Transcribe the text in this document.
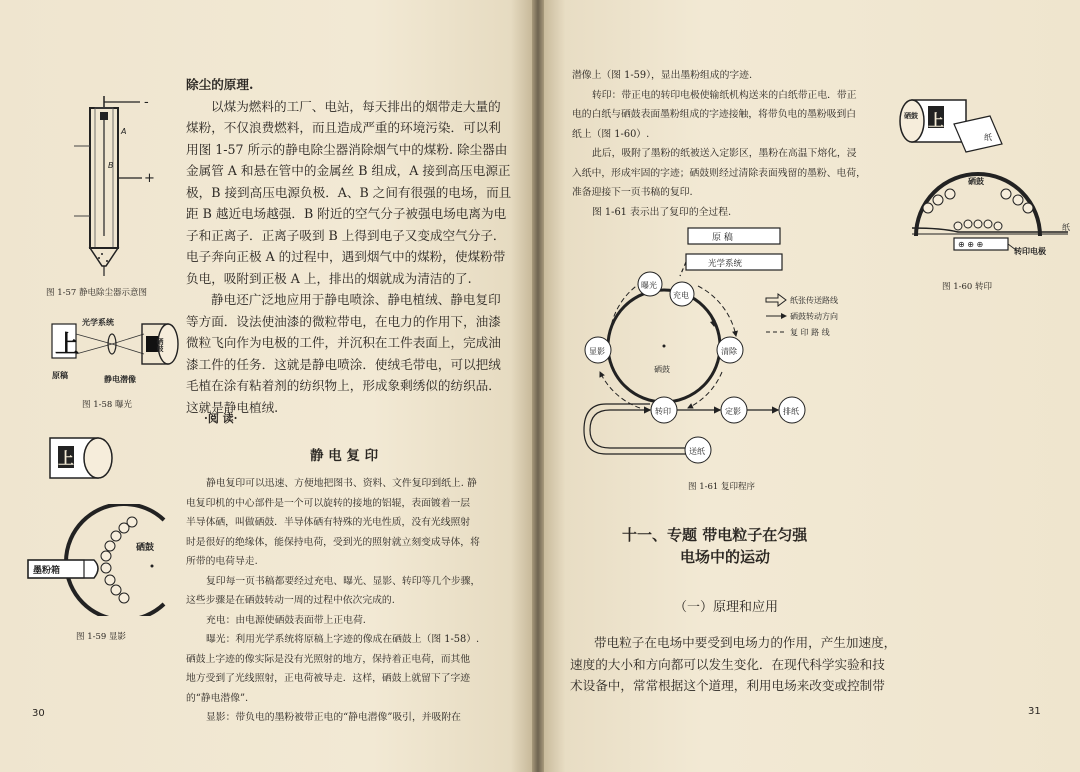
-
+
A
B
图 1-57 静电除尘器示意图
上
光学系统
硒鼓
原稿	静电潜像
图 1-58 曝光
上
墨粉箱
硒鼓
图 1-59 显影
除尘的原理.
以煤为燃料的工厂、电站，每天排出的烟带走大量的
煤粉，不仅浪费燃料，而且造成严重的环境污染．可以利
用图 1-57 所示的静电除尘器消除烟气中的煤粉. 除尘器由
金属管 A 和悬在管中的金属丝 B 组成，A 接到高压电源正
极，B 接到高压电源负极．A、B 之间有很强的电场，而且
距 B 越近电场越强．B 附近的空气分子被强电场电离为电
子和正离子．正离子吸到 B 上得到电子又变成空气分子．
电子奔向正极 A 的过程中，遇到烟气中的煤粉，使煤粉带
负电，吸附到正极 A 上，排出的烟就成为清洁的了.
静电还广泛地应用于静电喷涂、静电植绒、静电复印
等方面．设法使油漆的微粒带电，在电力的作用下，油漆
微粒飞向作为电极的工件，并沉积在工件表面上，完成油
漆工件的任务．这就是静电喷涂．使绒毛带电，可以把绒
毛植在涂有粘着剂的纺织物上，形成象剩绣似的纺织品．
这就是静电植绒.
·阅 读·
静 电 复 印
静电复印可以迅速、方便地把图书、资料、文件复印到纸上. 静
电复印机的中心部件是一个可以旋转的接地的铝辊，表面镀着一层
半导体硒，叫做硒鼓．半导体硒有特殊的光电性质，没有光线照射
时是很好的绝缘体，能保持电荷，受到光的照射就立刻变成导体，将
所带的电荷导走.
复印每一页书稿都要经过充电、曝光、显影、转印等几个步骤，
这些步骤是在硒鼓转动一周的过程中依次完成的.
充电：由电源使硒鼓表面带上正电荷.
曝光：利用光学系统将原稿上字迹的像成在硒鼓上（图 1-58）.
硒鼓上字迹的像实际是没有光照射的地方，保持着正电荷，而其他
地方受到了光线照射，正电荷被导走．这样，硒鼓上就留下了字迹
的“静电潜像”.
显影：带负电的墨粉被带正电的“静电潜像”吸引，并吸附在
30
潜像上（图 1-59），显出墨粉组成的字迹.
转印：带正电的转印电极使输纸机构送来的白纸带正电．带正
电的白纸与硒鼓表面墨粉组成的字迹接触，将带负电的墨粉吸到白
纸上（图 1-60）.
此后，吸附了墨粉的纸被送入定影区，墨粉在高温下熔化，浸
入纸中，形成牢固的字迹；硒鼓则经过清除表面残留的墨粉、电荷，
准备迎接下一页书稿的复印.
图 1-61 表示出了复印的全过程.
上
硒鼓
纸
硒鼓
纸
⊕ ⊕ ⊕
转印电极
图 1-60 转印
原 稿
光学系统
曝光
充电
显影	清除
硒鼓
转印	定影	排纸
送纸
纸张传送路线
硒鼓转动方向
复 印 路 线
图 1-61 复印程序
十一、专题 带电粒子在匀强
电场中的运动
（一）原理和应用
带电粒子在电场中要受到电场力的作用，产生加速度，
速度的大小和方向都可以发生变化．在现代科学实验和技
术设备中，常常根据这个道理，利用电场来改变或控制带
31
